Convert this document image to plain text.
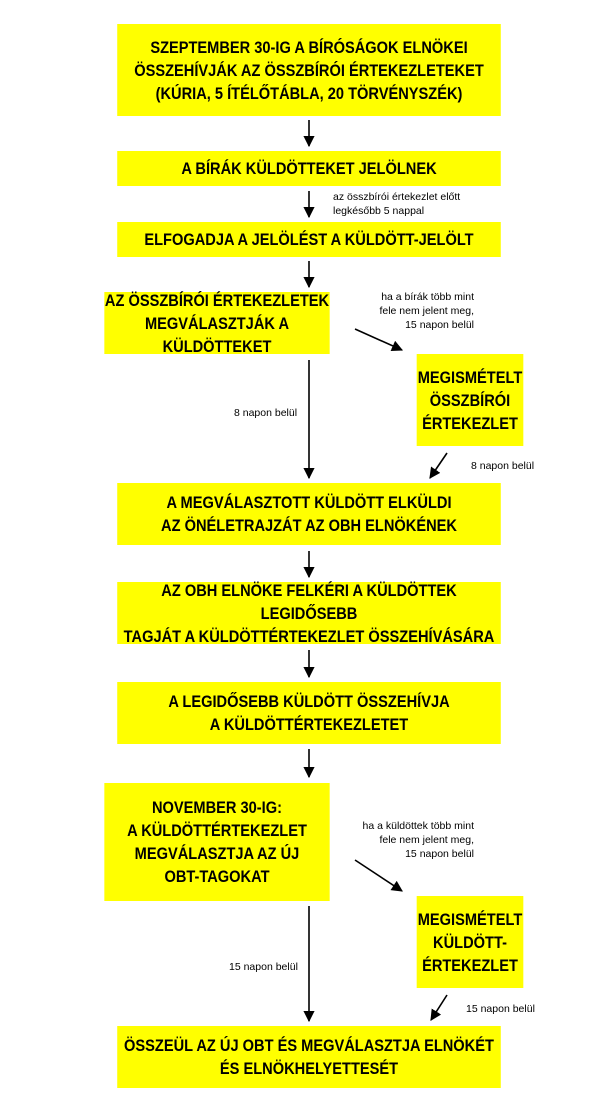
SZEPTEMBER 30-IG A BÍRÓSÁGOK ELNÖKEI
ÖSSZEHÍVJÁK AZ ÖSSZBÍRÓI ÉRTEKEZLETEKET
(KÚRIA, 5 ÍTÉLŐTÁBLA, 20 TÖRVÉNYSZÉK)
A BÍRÁK KÜLDÖTTEKET JELÖLNEK
ELFOGADJA A JELÖLÉST A KÜLDÖTT-JELÖLT
AZ ÖSSZBÍRÓI ÉRTEKEZLETEK
MEGVÁLASZTJÁK A KÜLDÖTTEKET
MEGISMÉTELT
ÖSSZBÍRÓI
ÉRTEKEZLET
A MEGVÁLASZTOTT KÜLDÖTT ELKÜLDI
AZ ÖNÉLETRAJZÁT AZ OBH ELNÖKÉNEK
AZ OBH ELNÖKE FELKÉRI A KÜLDÖTTEK LEGIDŐSEBB
TAGJÁT A KÜLDÖTTÉRTEKEZLET ÖSSZEHÍVÁSÁRA
A LEGIDŐSEBB KÜLDÖTT ÖSSZEHÍVJA
A KÜLDÖTTÉRTEKEZLETET
NOVEMBER 30-IG:
A KÜLDÖTTÉRTEKEZLET
MEGVÁLASZTJA AZ ÚJ
OBT-TAGOKAT
MEGISMÉTELT
KÜLDÖTT-
ÉRTEKEZLET
ÖSSZEÜL AZ ÚJ OBT ÉS MEGVÁLASZTJA ELNÖKÉT
ÉS ELNÖKHELYETTESÉT
az összbírói értekezlet előtt
legkésőbb 5 nappal
ha a bírák több mint
fele nem jelent meg,
15 napon belül
8 napon belül
8 napon belül
ha a küldöttek több mint
fele nem jelent meg,
15 napon belül
15 napon belül
15 napon belül
